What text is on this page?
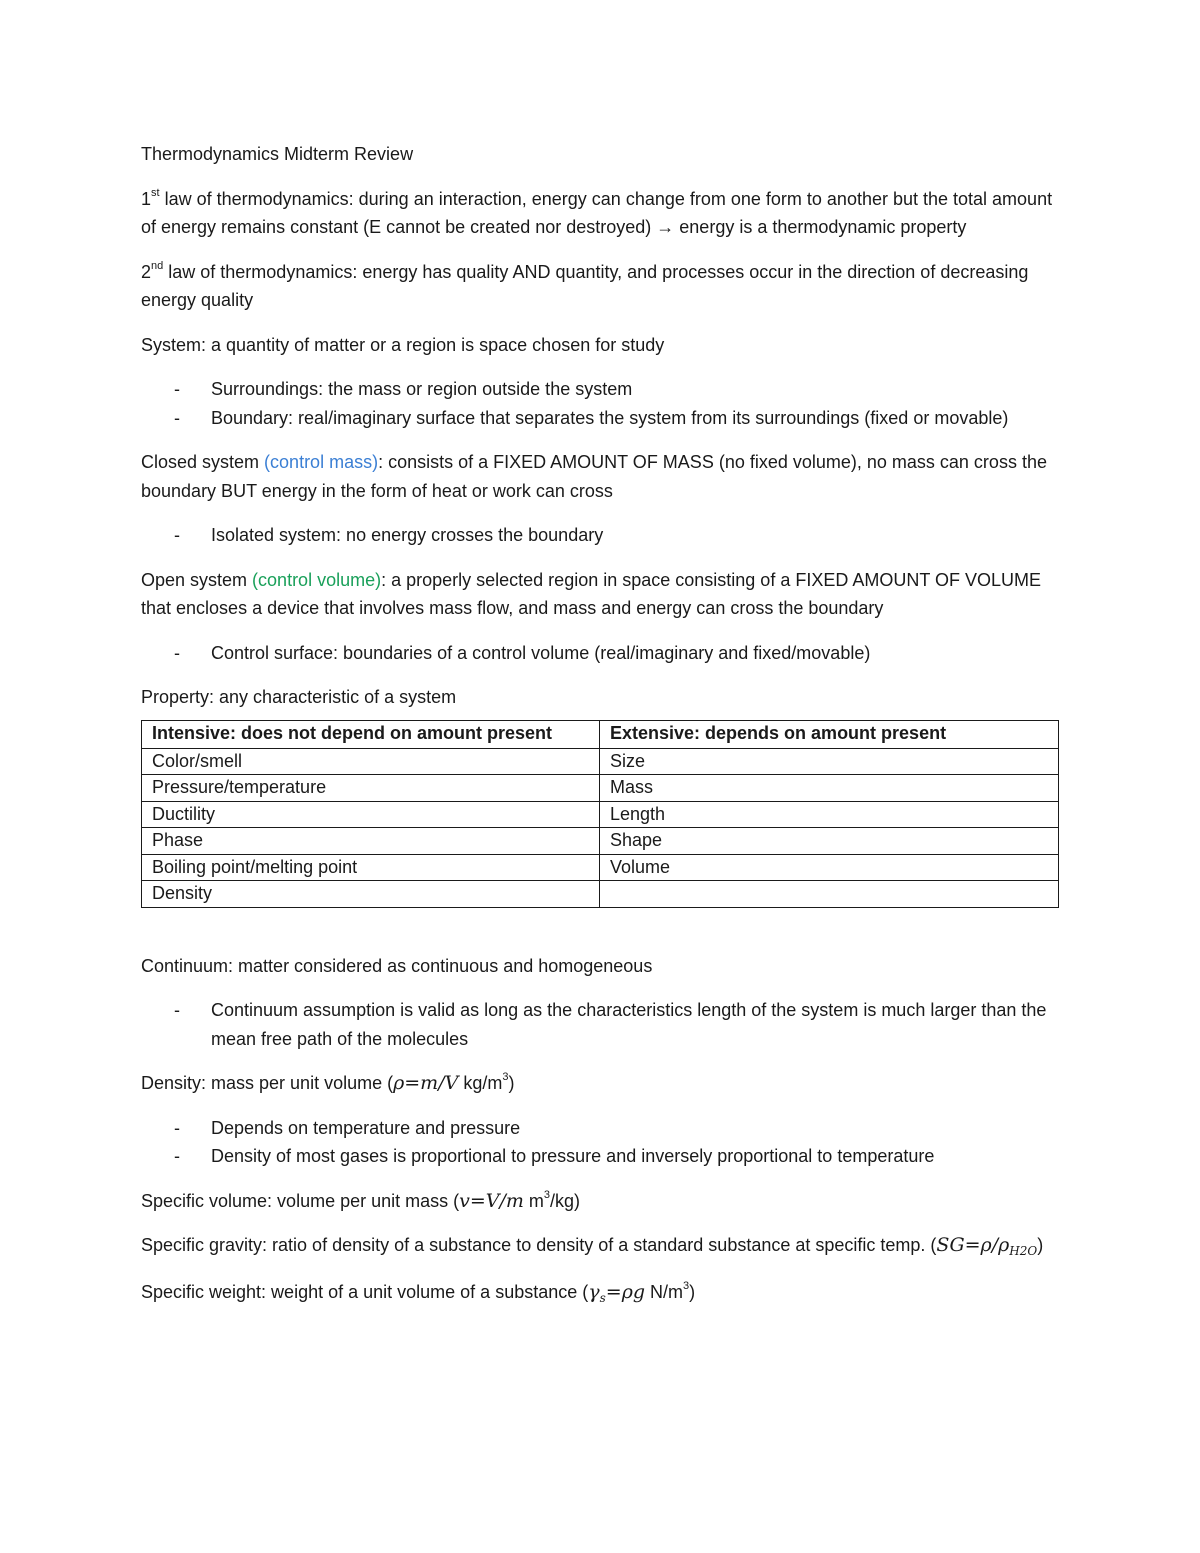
Thermodynamics Midterm Review

1st law of thermodynamics: during an interaction, energy can change from one form to another but the total amount of energy remains constant (E cannot be created nor destroyed) → energy is a thermodynamic property

2nd law of thermodynamics: energy has quality AND quantity, and processes occur in the direction of decreasing energy quality

System: a quantity of matter or a region is space chosen for study

- Surroundings: the mass or region outside the system
- Boundary: real/imaginary surface that separates the system from its surroundings (fixed or movable)

Closed system (control mass): consists of a FIXED AMOUNT OF MASS (no fixed volume), no mass can cross the boundary BUT energy in the form of heat or work can cross

- Isolated system: no energy crosses the boundary

Open system (control volume): a properly selected region in space consisting of a FIXED AMOUNT OF VOLUME that encloses a device that involves mass flow, and mass and energy can cross the boundary

- Control surface: boundaries of a control volume (real/imaginary and fixed/movable)

Property: any characteristic of a system

Intensive: does not depend on amount present	Extensive: depends on amount present
Color/smell	Size
Pressure/temperature	Mass
Ductility	Length
Phase	Shape
Boiling point/melting point	Volume
Density	

Continuum: matter considered as continuous and homogeneous

- Continuum assumption is valid as long as the characteristics length of the system is much larger than the mean free path of the molecules

Density: mass per unit volume (ρ=m/V $kg/m^3$)

- Depends on temperature and pressure
- Density of most gases is proportional to pressure and inversely proportional to temperature

Specific volume: volume per unit mass (v=V/m $m^3/kg$)

Specific gravity: ratio of density of a substance to density of a standard substance at specific temp. $(SG=\rho/\rho_{H2O})$

Specific weight: weight of a unit volume of a substance ($\gamma_s=\rho g$ $N/m^3$)
